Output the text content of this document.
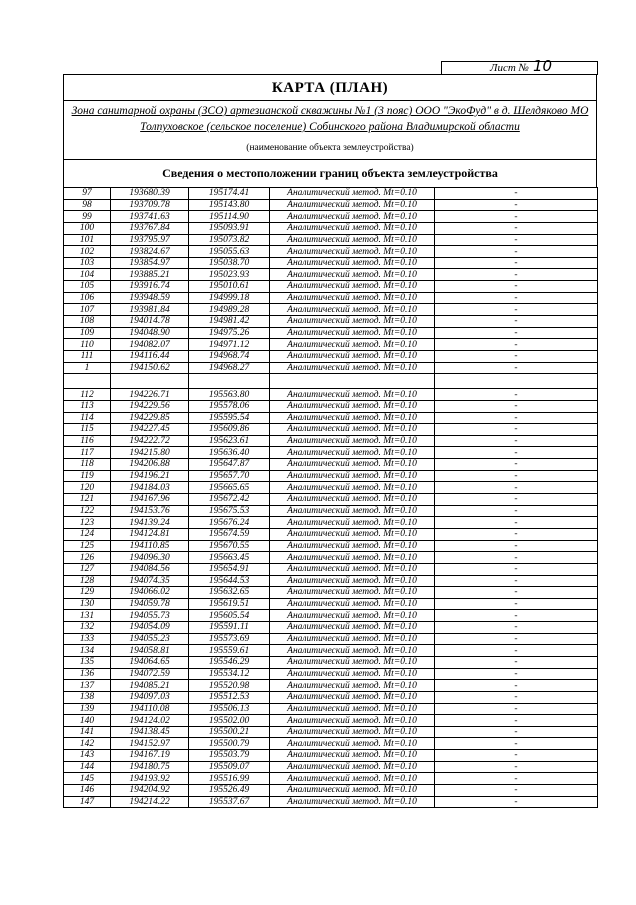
Лист № 10
КАРТА (ПЛАН)
Зона санитарной охраны (ЗСО) артезианской скважины №1 (3 пояс) ООО "ЭкоФуд" в д. Шелдяково МО
Толпуховское (сельское поселение) Собинского района Владимирской области
(наименование объекта землеустройства)
Сведения о местоположении границ объекта землеустройства
97	193680.39	195174.41	Аналитический метод. Mt=0.10	-
98	193709.78	195143.80	Аналитический метод. Mt=0.10	-
99	193741.63	195114.90	Аналитический метод. Mt=0.10	-
100	193767.84	195093.91	Аналитический метод. Mt=0.10	-
101	193795.97	195073.82	Аналитический метод. Mt=0.10	-
102	193824.67	195055.63	Аналитический метод. Mt=0.10	-
103	193854.97	195038.70	Аналитический метод. Mt=0.10	-
104	193885.21	195023.93	Аналитический метод. Mt=0.10	-
105	193916.74	195010.61	Аналитический метод. Mt=0.10	-
106	193948.59	194999.18	Аналитический метод. Mt=0.10	-
107	193981.84	194989.28	Аналитический метод. Mt=0.10	-
108	194014.78	194981.42	Аналитический метод. Mt=0.10	-
109	194048.90	194975.26	Аналитический метод. Mt=0.10	-
110	194082.07	194971.12	Аналитический метод. Mt=0.10	-
111	194116.44	194968.74	Аналитический метод. Mt=0.10	-
1	194150.62	194968.27	Аналитический метод. Mt=0.10	-

112	194226.71	195563.80	Аналитический метод. Mt=0.10	-
113	194229.56	195578.06	Аналитический метод. Mt=0.10	-
114	194229.85	195595.54	Аналитический метод. Mt=0.10	-
115	194227.45	195609.86	Аналитический метод. Mt=0.10	-
116	194222.72	195623.61	Аналитический метод. Mt=0.10	-
117	194215.80	195636.40	Аналитический метод. Mt=0.10	-
118	194206.88	195647.87	Аналитический метод. Mt=0.10	-
119	194196.21	195657.70	Аналитический метод. Mt=0.10	-
120	194184.03	195665.65	Аналитический метод. Mt=0.10	-
121	194167.96	195672.42	Аналитический метод. Mt=0.10	-
122	194153.76	195675.53	Аналитический метод. Mt=0.10	-
123	194139.24	195676.24	Аналитический метод. Mt=0.10	-
124	194124.81	195674.59	Аналитический метод. Mt=0.10	-
125	194110.85	195670.55	Аналитический метод. Mt=0.10	-
126	194096.30	195663.45	Аналитический метод. Mt=0.10	-
127	194084.56	195654.91	Аналитический метод. Mt=0.10	-
128	194074.35	195644.53	Аналитический метод. Mt=0.10	-
129	194066.02	195632.65	Аналитический метод. Mt=0.10	-
130	194059.78	195619.51	Аналитический метод. Mt=0.10	-
131	194055.73	195605.54	Аналитический метод. Mt=0.10	-
132	194054.09	195591.11	Аналитический метод. Mt=0.10	-
133	194055.23	195573.69	Аналитический метод. Mt=0.10	-
134	194058.81	195559.61	Аналитический метод. Mt=0.10	-
135	194064.65	195546.29	Аналитический метод. Mt=0.10	-
136	194072.59	195534.12	Аналитический метод. Mt=0.10	-
137	194085.21	195520.98	Аналитический метод. Mt=0.10	-
138	194097.03	195512.53	Аналитический метод. Mt=0.10	-
139	194110.08	195506.13	Аналитический метод. Mt=0.10	-
140	194124.02	195502.00	Аналитический метод. Mt=0.10	-
141	194138.45	195500.21	Аналитический метод. Mt=0.10	-
142	194152.97	195500.79	Аналитический метод. Mt=0.10	-
143	194167.19	195503.79	Аналитический метод. Mt=0.10	-
144	194180.75	195509.07	Аналитический метод. Mt=0.10	-
145	194193.92	195516.99	Аналитический метод. Mt=0.10	-
146	194204.92	195526.49	Аналитический метод. Mt=0.10	-
147	194214.22	195537.67	Аналитический метод. Mt=0.10	-
